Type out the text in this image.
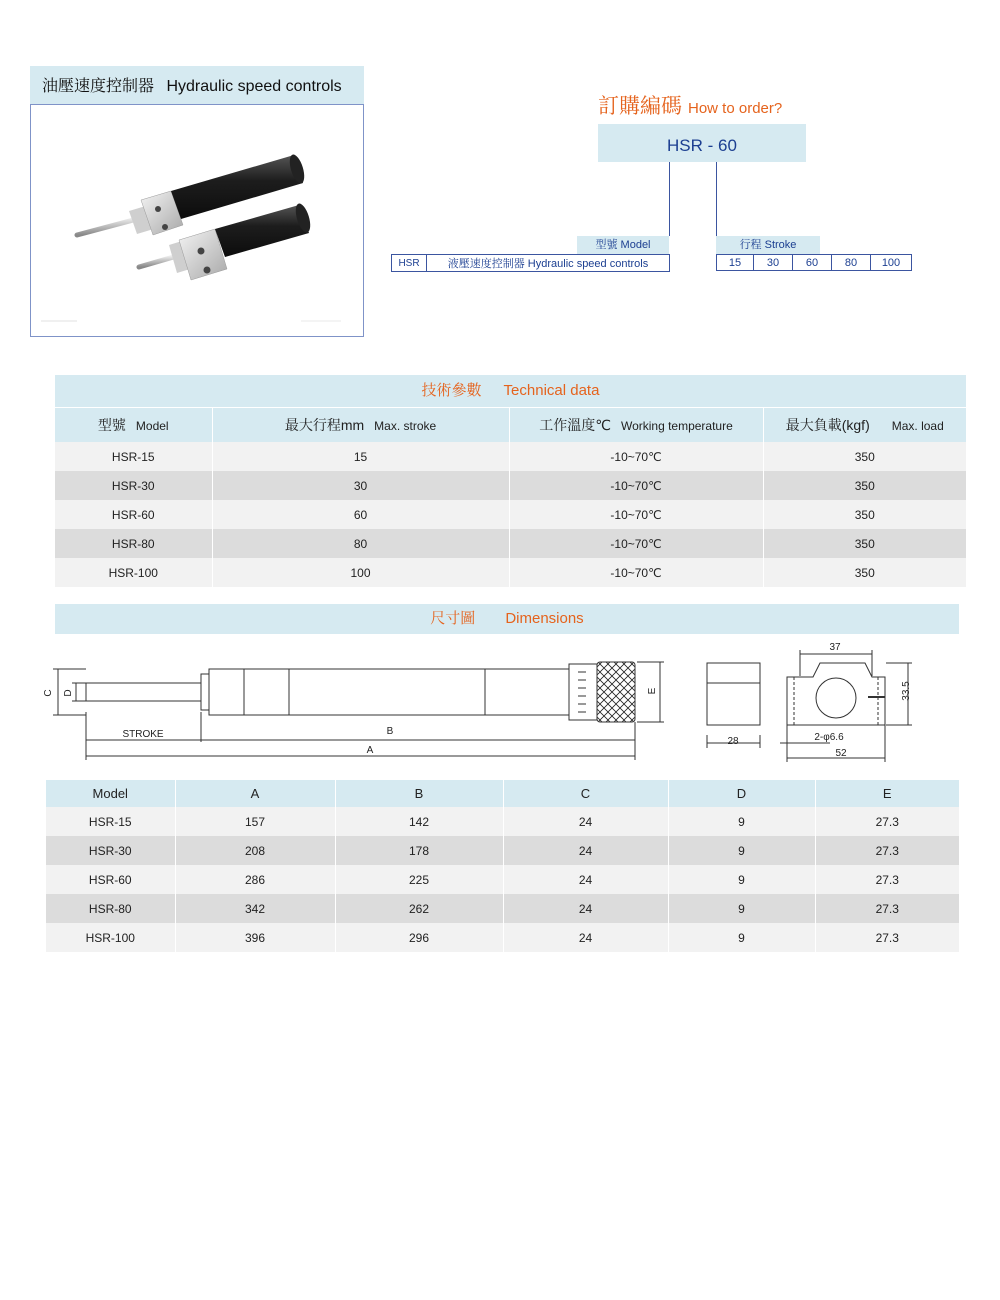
油壓速度控制器 Hydraulic speed controls
訂購編碼 How to order?
HSR - 60
型號 Model	行程 Stroke
HSR	液壓速度控制器 Hydraulic speed controls	15	30	60	80	100
技術參數 Technical data
型號 Model	最大行程mm Max. stroke	工作溫度℃ Working temperature	最大負載(kgf) Max. load
HSR-15	15	-10~70℃	350
HSR-30	30	-10~70℃	350
HSR-60	60	-10~70℃	350
HSR-80	80	-10~70℃	350
HSR-100	100	-10~70℃	350
尺寸圖 Dimensions
C D	E
STROKE	B
A
37
33.5
28	2-φ6.6
52
Model	A	B	C	D	E
HSR-15	157	142	24	9	27.3
HSR-30	208	178	24	9	27.3
HSR-60	286	225	24	9	27.3
HSR-80	342	262	24	9	27.3
HSR-100	396	296	24	9	27.3
